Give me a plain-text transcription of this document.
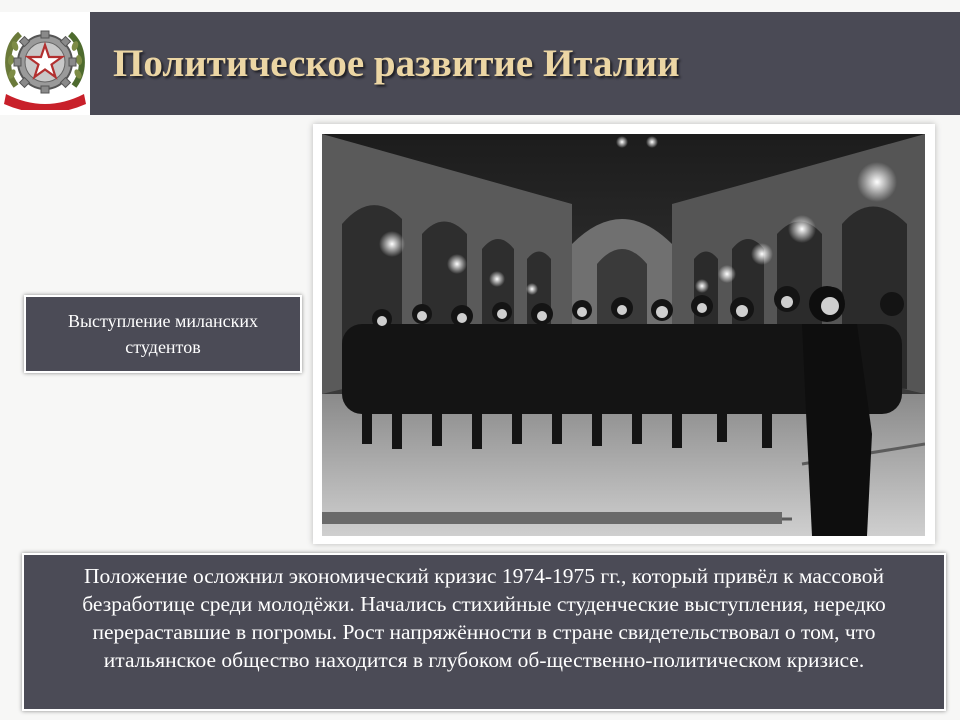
Политическое развитие Италии

Выступление миланских студентов

Положение осложнил экономический кризис 1974-1975 гг., который привёл к массовой безработице среди молодёжи. Начались стихийные студенческие выступления, нередко перераставшие в погромы. Рост напряжённости в стране свидетельствовал о том, что итальянское общество находится в глубоком об-щественно-политическом кризисе.
